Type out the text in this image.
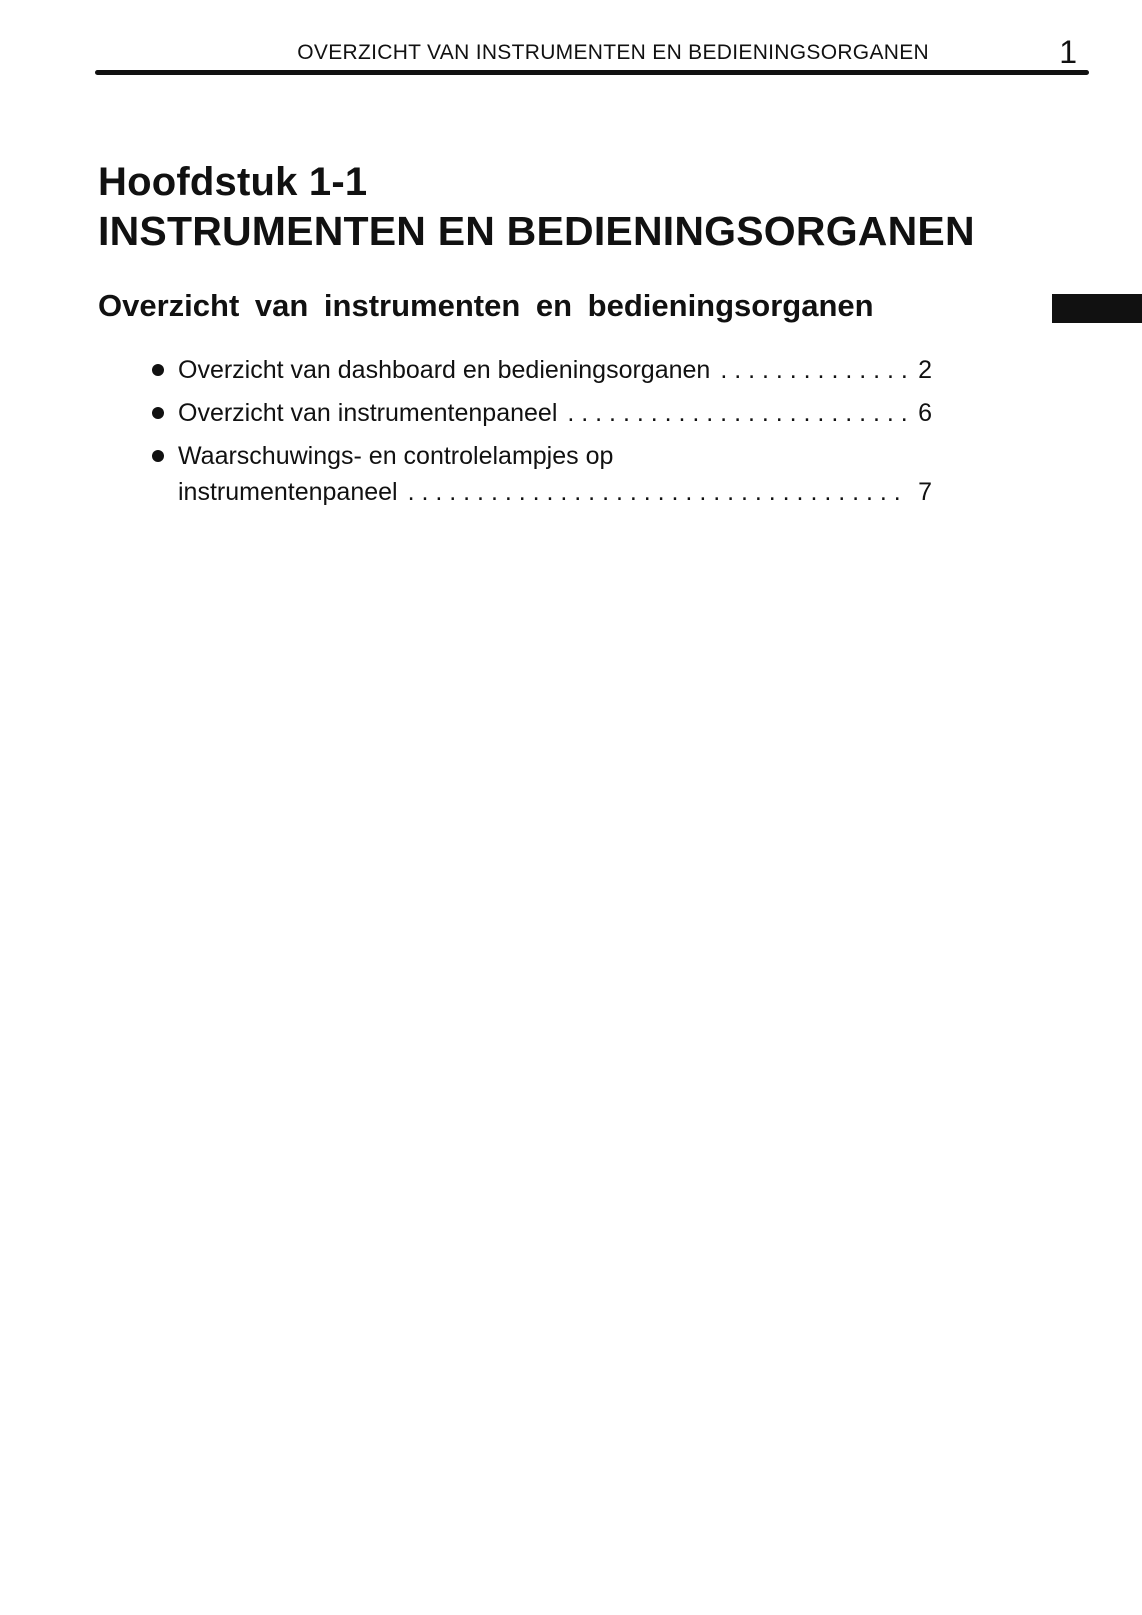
OVERZICHT VAN INSTRUMENTEN EN BEDIENINGSORGANEN	1
Hoofdstuk 1-1
INSTRUMENTEN EN BEDIENINGSORGANEN
Overzicht van instrumenten en bedieningsorganen
Overzicht van dashboard en bedieningsorganen . . .	2
Overzicht van instrumentenpaneel . . .	6
Waarschuwings- en controlelampjes op
instrumentenpaneel . . .	7
